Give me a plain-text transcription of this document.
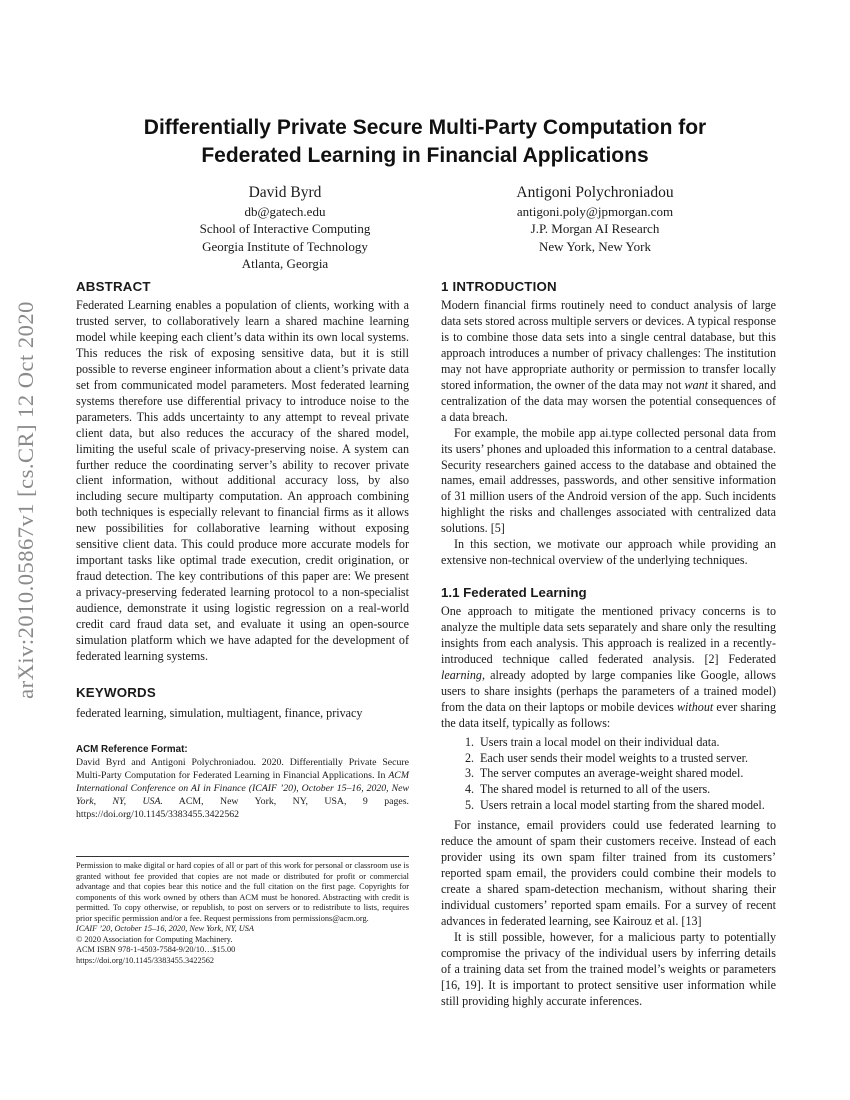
arXiv:2010.05867v1 [cs.CR] 12 Oct 2020
Differentially Private Secure Multi-Party Computation for
Federated Learning in Financial Applications
David Byrd
db@gatech.edu
School of Interactive Computing
Georgia Institute of Technology
Atlanta, Georgia
Antigoni Polychroniadou
antigoni.poly@jpmorgan.com
J.P. Morgan AI Research
New York, New York
ABSTRACT

Federated Learning enables a population of clients, working with a trusted server, to collaboratively learn a shared machine learning model while keeping each client’s data within its own local systems. This reduces the risk of exposing sensitive data, but it is still possible to reverse engineer information about a client’s private data set from communicated model parameters. Most federated learning systems therefore use differential privacy to introduce noise to the parameters. This adds uncertainty to any attempt to reveal private client data, but also reduces the accuracy of the shared model, limiting the useful scale of privacy-preserving noise. A system can further reduce the coordinating server’s ability to recover private client information, without additional accuracy loss, by also including secure multiparty computation. An approach combining both techniques is especially relevant to financial firms as it allows new possibilities for collaborative learning without exposing sensitive client data. This could produce more accurate models for important tasks like optimal trade execution, credit origination, or fraud detection. The key contributions of this paper are: We present a privacy-preserving federated learning protocol to a non-specialist audience, demonstrate it using logistic regression on a real-world credit card fraud data set, and evaluate it using an open-source simulation platform which we have adapted for the development of federated learning systems.

KEYWORDS

federated learning, simulation, multiagent, finance, privacy

ACM Reference Format:

David Byrd and Antigoni Polychroniadou. 2020. Differentially Private Secure Multi-Party Computation for Federated Learning in Financial Applications. In ACM International Conference on AI in Finance (ICAIF ’20), October 15–16, 2020, New York, NY, USA. ACM, New York, NY, USA, 9 pages. https://doi.org/10.1145/3383455.3422562

Permission to make digital or hard copies of all or part of this work for personal or classroom use is granted without fee provided that copies are not made or distributed for profit or commercial advantage and that copies bear this notice and the full citation on the first page. Copyrights for components of this work owned by others than ACM must be honored. Abstracting with credit is permitted. To copy otherwise, or republish, to post on servers or to redistribute to lists, requires prior specific permission and/or a fee. Request permissions from permissions@acm.org.
ICAIF ’20, October 15–16, 2020, New York, NY, USA
© 2020 Association for Computing Machinery.
ACM ISBN 978-1-4503-7584-9/20/10…$15.00
https://doi.org/10.1145/3383455.3422562
1 INTRODUCTION

Modern financial firms routinely need to conduct analysis of large data sets stored across multiple servers or devices. A typical response is to combine those data sets into a single central database, but this approach introduces a number of privacy challenges: The institution may not have appropriate authority or permission to transfer locally stored information, the owner of the data may not want it shared, and centralization of the data may worsen the potential consequences of a data breach.

For example, the mobile app ai.type collected personal data from its users’ phones and uploaded this information to a central database. Security researchers gained access to the database and obtained the names, email addresses, passwords, and other sensitive information of 31 million users of the Android version of the app. Such incidents highlight the risks and challenges associated with centralized data solutions. [5]

In this section, we motivate our approach while providing an extensive non-technical overview of the underlying techniques.

1.1 Federated Learning

One approach to mitigate the mentioned privacy concerns is to analyze the multiple data sets separately and share only the resulting insights from each analysis. This approach is realized in a recently-introduced technique called federated analysis. [2] Federated learning, already adopted by large companies like Google, allows users to share insights (perhaps the parameters of a trained model) from the data on their laptops or mobile devices without ever sharing the data itself, typically as follows:

1. Users train a local model on their individual data.
2. Each user sends their model weights to a trusted server.
3. The server computes an average-weight shared model.
4. The shared model is returned to all of the users.
5. Users retrain a local model starting from the shared model.

For instance, email providers could use federated learning to reduce the amount of spam their customers receive. Instead of each provider using its own spam filter trained from its customers’ reported spam email, the providers could combine their models to create a shared spam-detection mechanism, without sharing their individual customers’ reported spam emails. For a survey of recent advances in federated learning, see Kairouz et al. [13]

It is still possible, however, for a malicious party to potentially compromise the privacy of the individual users by inferring details of a training data set from the trained model’s weights or parameters [16, 19]. It is important to protect sensitive user information while still providing highly accurate inferences.
